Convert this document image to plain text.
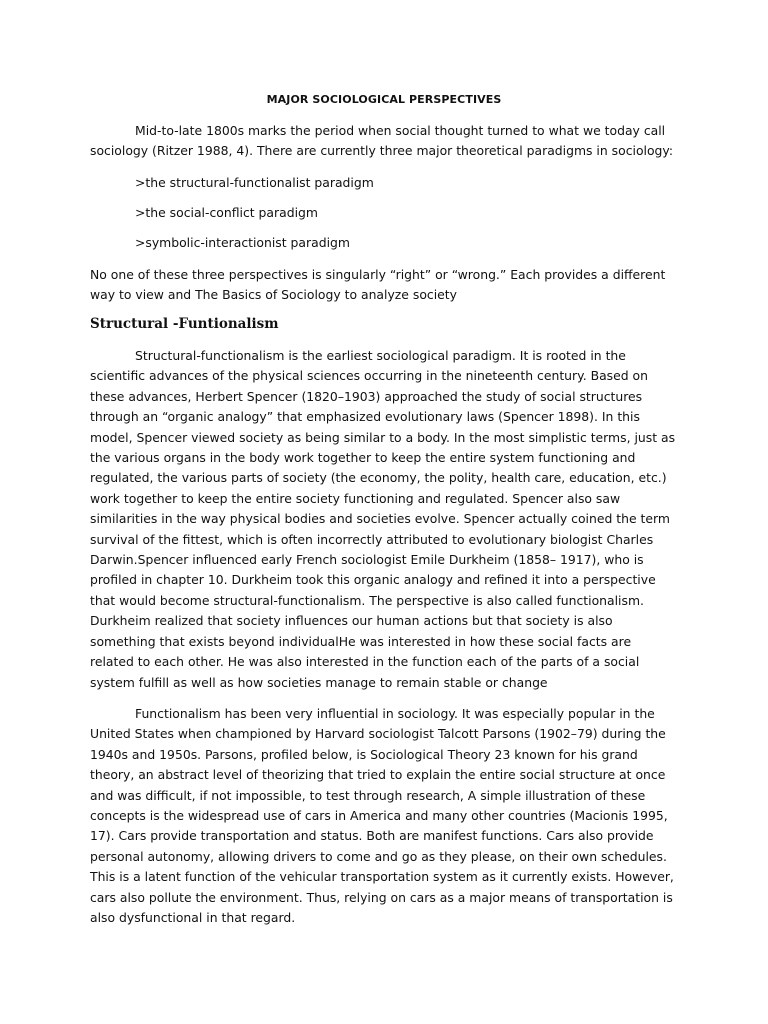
MAJOR SOCIOLOGICAL PERSPECTIVES

Mid-to-late 1800s marks the period when social thought turned to what we today call sociology (Ritzer 1988, 4). There are currently three major theoretical paradigms in sociology:

>the structural-functionalist paradigm

>the social-conflict paradigm

>symbolic-interactionist paradigm

No one of these three perspectives is singularly “right” or “wrong.” Each provides a different way to view and The Basics of Sociology to analyze society

Structural -Funtionalism

Structural-functionalism is the earliest sociological paradigm. It is rooted in the scientific advances of the physical sciences occurring in the nineteenth century. Based on these advances, Herbert Spencer (1820–1903) approached the study of social structures through an “organic analogy” that emphasized evolutionary laws (Spencer 1898). In this model, Spencer viewed society as being similar to a body. In the most simplistic terms, just as the various organs in the body work together to keep the entire system functioning and regulated, the various parts of society (the economy, the polity, health care, education, etc.) work together to keep the entire society functioning and regulated. Spencer also saw similarities in the way physical bodies and societies evolve. Spencer actually coined the term survival of the fittest, which is often incorrectly attributed to evolutionary biologist Charles Darwin.Spencer influenced early French sociologist Emile Durkheim (1858– 1917), who is profiled in chapter 10. Durkheim took this organic analogy and refined it into a perspective that would become structural-functionalism. The perspective is also called functionalism. Durkheim realized that society influences our human actions but that society is also something that exists beyond individualHe was interested in how these social facts are related to each other. He was also interested in the function each of the parts of a social system fulfill as well as how societies manage to remain stable or change

Functionalism has been very influential in sociology. It was especially popular in the United States when championed by Harvard sociologist Talcott Parsons (1902–79) during the 1940s and 1950s. Parsons, profiled below, is Sociological Theory 23 known for his grand theory, an abstract level of theorizing that tried to explain the entire social structure at once and was difficult, if not impossible, to test through research, A simple illustration of these concepts is the widespread use of cars in America and many other countries (Macionis 1995, 17). Cars provide transportation and status. Both are manifest functions. Cars also provide personal autonomy, allowing drivers to come and go as they please, on their own schedules. This is a latent function of the vehicular transportation system as it currently exists. However, cars also pollute the environment. Thus, relying on cars as a major means of transportation is also dysfunctional in that regard.
